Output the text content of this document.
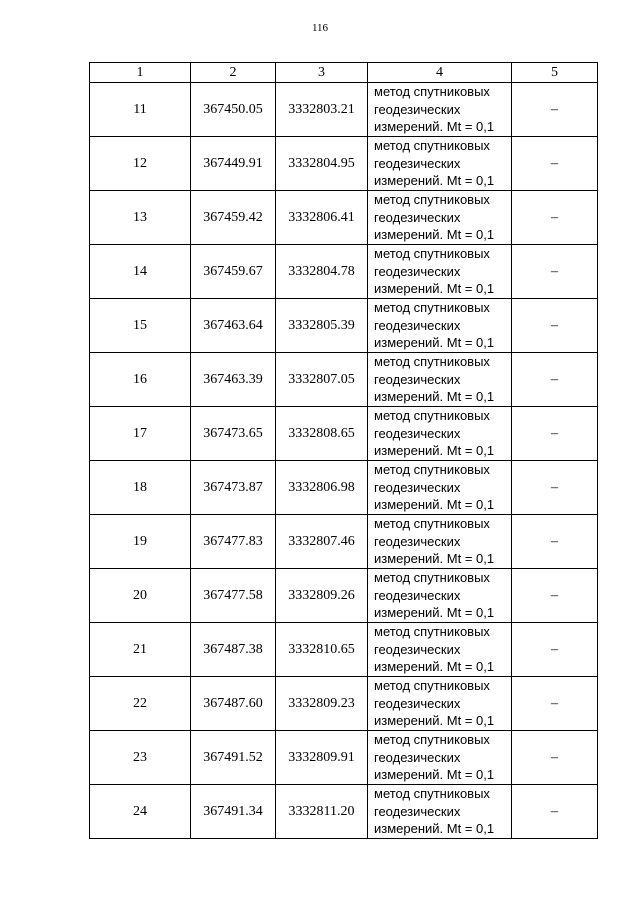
116
1	2	3	4	5
11	367450.05	3332803.21	метод спутниковых
геодезических
измерений. Mt = 0,1	–
12	367449.91	3332804.95	метод спутниковых
геодезических
измерений. Mt = 0,1	–
13	367459.42	3332806.41	метод спутниковых
геодезических
измерений. Mt = 0,1	–
14	367459.67	3332804.78	метод спутниковых
геодезических
измерений. Mt = 0,1	–
15	367463.64	3332805.39	метод спутниковых
геодезических
измерений. Mt = 0,1	–
16	367463.39	3332807.05	метод спутниковых
геодезических
измерений. Mt = 0,1	–
17	367473.65	3332808.65	метод спутниковых
геодезических
измерений. Mt = 0,1	–
18	367473.87	3332806.98	метод спутниковых
геодезических
измерений. Mt = 0,1	–
19	367477.83	3332807.46	метод спутниковых
геодезических
измерений. Mt = 0,1	–
20	367477.58	3332809.26	метод спутниковых
геодезических
измерений. Mt = 0,1	–
21	367487.38	3332810.65	метод спутниковых
геодезических
измерений. Mt = 0,1	–
22	367487.60	3332809.23	метод спутниковых
геодезических
измерений. Mt = 0,1	–
23	367491.52	3332809.91	метод спутниковых
геодезических
измерений. Mt = 0,1	–
24	367491.34	3332811.20	метод спутниковых
геодезических
измерений. Mt = 0,1	–
